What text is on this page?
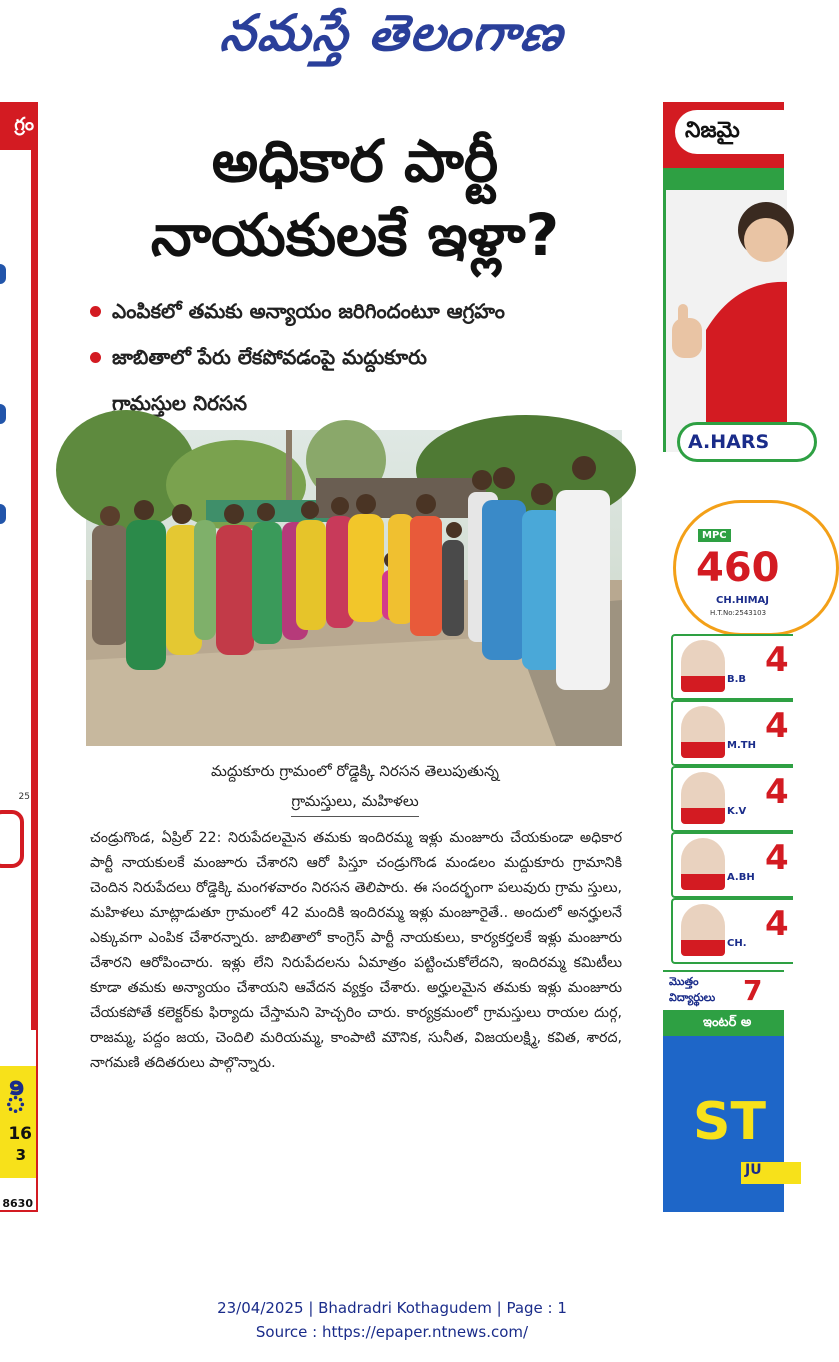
నమస్తే తెలంగాణ
గ్రం
25
ి
16
3
8630
అధికార పార్టీ
నాయకులకే ఇళ్లా?
ఎంపికలో తమకు అన్యాయం జరిగిందంటూ ఆగ్రహం
జాబితాలో పేరు లేకపోవడంపై మద్దుకూరు
గ్రామస్తుల నిరసన
మద్దుకూరు గ్రామంలో రోడ్డెక్కి నిరసన తెలుపుతున్న
గ్రామస్తులు, మహిళలు
చండ్రుగొండ, ఏప్రిల్ 22: నిరుపేదలమైన తమకు ఇందిరమ్మ ఇళ్లు మంజూరు చేయకుండా అధికార పార్టీ నాయకులకే మంజూరు చేశారని ఆరో పిస్తూ చండ్రుగొండ మండలం మద్దుకూరు గ్రామానికి చెందిన నిరుపేదలు రోడ్డెక్కి మంగళవారం నిరసన తెలిపారు. ఈ సందర్భంగా పలువురు గ్రామ స్తులు, మహిళలు మాట్లాడుతూ గ్రామంలో 42 మందికి ఇందిరమ్మ ఇళ్లు మంజూరైతే.. అందులో అనర్హులనే ఎక్కువగా ఎంపిక చేశారన్నారు. జాబితాలో కాంగ్రెస్ పార్టీ నాయకులు, కార్యకర్తలకే ఇళ్లు మంజూరు చేశారని ఆరోపించారు. ఇళ్లు లేని నిరుపేదలను ఏమాత్రం పట్టించుకోలేదని, ఇందిరమ్మ కమిటీలు కూడా తమకు అన్యాయం చేశాయని ఆవేదన వ్యక్తం చేశారు. అర్హులమైన తమకు ఇళ్లు మంజూరు చేయకపోతే కలెక్టర్‌కు ఫిర్యాదు చేస్తామని హెచ్చరిం చారు. కార్యక్రమంలో గ్రామస్తులు రాయల దుర్గ, రాజమ్మ, పద్దం జయ, చెందిలి మరియమ్మ, కాంపాటి మౌనిక, సునీత, విజయలక్ష్మి, కవిత, శారద, నాగమణి తదితరులు పాల్గొన్నారు.
నిజమై
A.HARS
MPC
460
CH.HIMAJ
H.T.No:2543103
4
B.B
4
M.TH
4
K.V
4
A.BH
4
CH.
మొత్తం
విద్యార్థులు 7
ఇంటర్ అ
ST
JU
23/04/2025 | Bhadradri Kothagudem | Page : 1
Source : https://epaper.ntnews.com/
